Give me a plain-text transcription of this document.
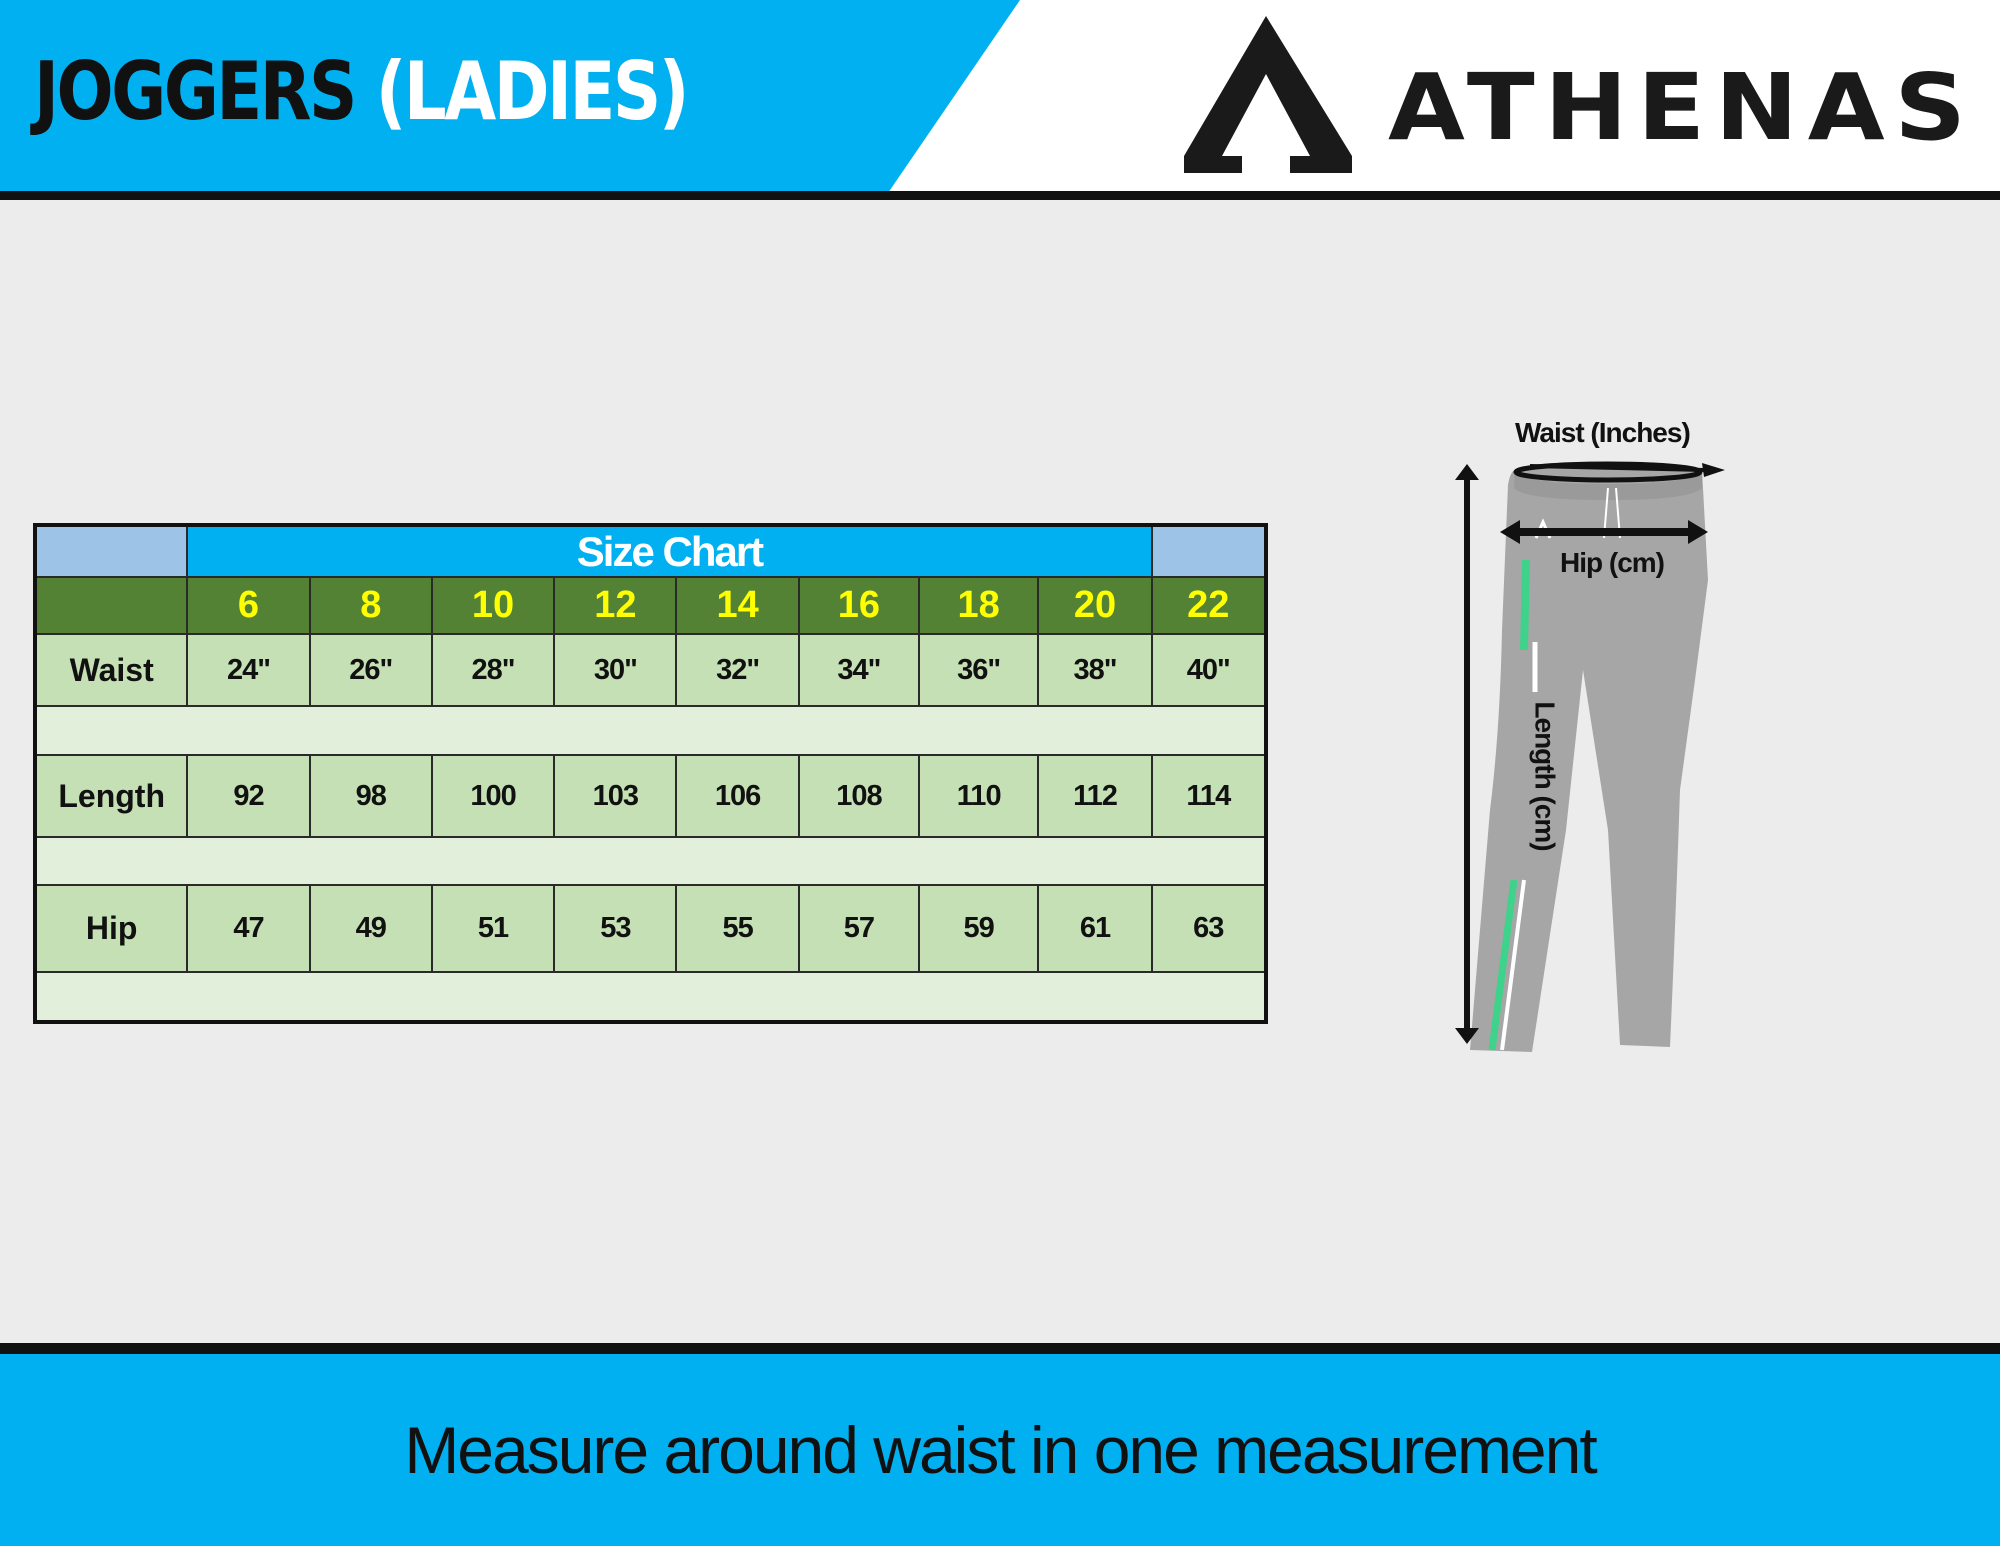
JOGGERS (LADIES)	ATHENAS
	Size Chart								
	6	8	10	12	14	16	18	20	22
Waist	24"	26"	28"	30"	32"	34"	36"	38"	40"

Length	92	98	100	103	106	108	110	112	114

Hip	47	49	51	53	55	57	59	61	63

Waist (Inches)
Hip (cm)
Length (cm)
Measure around waist in one measurement
